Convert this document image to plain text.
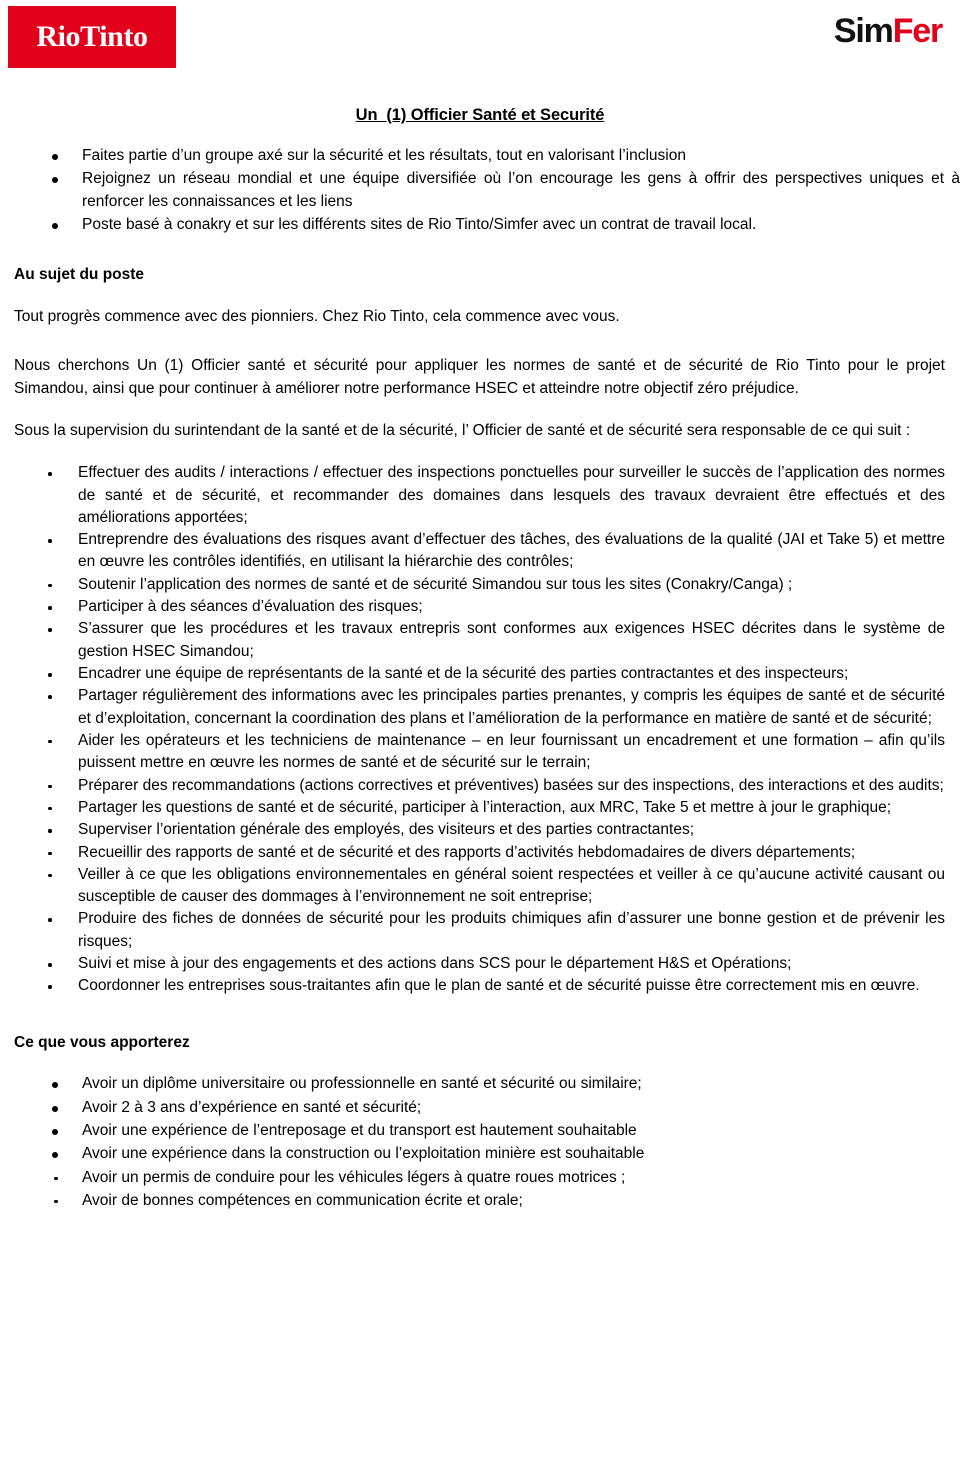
RioTinto	SimFer
Un  (1) Officier Santé et Securité
Faites partie d’un groupe axé sur la sécurité et les résultats, tout en valorisant l’inclusion
Rejoignez un réseau mondial et une équipe diversifiée où l’on encourage les gens à offrir des perspectives uniques et à renforcer les connaissances et les liens
Poste basé à conakry et sur les différents sites de Rio Tinto/Simfer avec un contrat de travail local.

Au sujet du poste

Tout progrès commence avec des pionniers. Chez Rio Tinto, cela commence avec vous.

Nous cherchons Un (1) Officier santé et sécurité pour appliquer les normes de santé et de sécurité de Rio Tinto pour le projet Simandou, ainsi que pour continuer à améliorer notre performance HSEC et atteindre notre objectif zéro préjudice.

Sous la supervision du surintendant de la santé et de la sécurité, l’ Officier de santé et de sécurité sera responsable de ce qui suit :

Effectuer des audits / interactions / effectuer des inspections ponctuelles pour surveiller le succès de l’application des normes de santé et de sécurité, et recommander des domaines dans lesquels des travaux devraient être effectués et des améliorations apportées;
Entreprendre des évaluations des risques avant d’effectuer des tâches, des évaluations de la qualité (JAI et Take 5) et mettre en œuvre les contrôles identifiés, en utilisant la hiérarchie des contrôles;
Soutenir l’application des normes de santé et de sécurité Simandou sur tous les sites (Conakry/Canga) ;
Participer à des séances d’évaluation des risques;
S’assurer que les procédures et les travaux entrepris sont conformes aux exigences HSEC décrites dans le système de gestion HSEC Simandou;
Encadrer une équipe de représentants de la santé et de la sécurité des parties contractantes et des inspecteurs;
Partager régulièrement des informations avec les principales parties prenantes, y compris les équipes de santé et de sécurité et d’exploitation, concernant la coordination des plans et l’amélioration de la performance en matière de santé et de sécurité;
Aider les opérateurs et les techniciens de maintenance – en leur fournissant un encadrement et une formation – afin qu’ils puissent mettre en œuvre les normes de santé et de sécurité sur le terrain;
Préparer des recommandations (actions correctives et préventives) basées sur des inspections, des interactions et des audits;
Partager les questions de santé et de sécurité, participer à l’interaction, aux MRC, Take 5 et mettre à jour le graphique;
Superviser l’orientation générale des employés, des visiteurs et des parties contractantes;
Recueillir des rapports de santé et de sécurité et des rapports d’activités hebdomadaires de divers départements;
Veiller à ce que les obligations environnementales en général soient respectées et veiller à ce qu’aucune activité causant ou susceptible de causer des dommages à l’environnement ne soit entreprise;
Produire des fiches de données de sécurité pour les produits chimiques afin d’assurer une bonne gestion et de prévenir les risques;
Suivi et mise à jour des engagements et des actions dans SCS pour le département H&S et Opérations;
Coordonner les entreprises sous-traitantes afin que le plan de santé et de sécurité puisse être correctement mis en œuvre.

Ce que vous apporterez

Avoir un diplôme universitaire ou professionnelle en santé et sécurité ou similaire;
Avoir 2 à 3 ans d’expérience en santé et sécurité;
Avoir une expérience de l’entreposage et du transport est hautement souhaitable
Avoir une expérience dans la construction ou l’exploitation minière est souhaitable
Avoir un permis de conduire pour les véhicules légers à quatre roues motrices ;
Avoir de bonnes compétences en communication écrite et orale;
